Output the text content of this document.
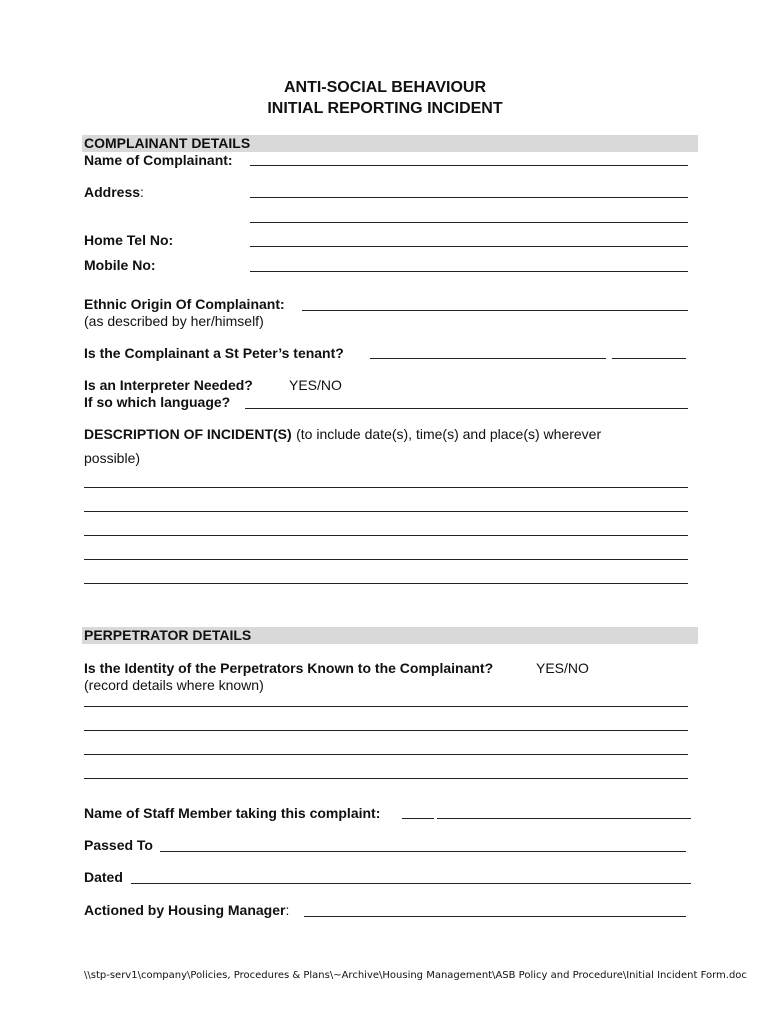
ANTI-SOCIAL BEHAVIOUR
INITIAL REPORTING INCIDENT
COMPLAINANT DETAILS
Name of Complainant:
Address:
Home Tel No:
Mobile No:
Ethnic Origin Of Complainant:
(as described by her/himself)
Is the Complainant a St Peter’s tenant?
Is an Interpreter Needed?	YES/NO
If so which language?
DESCRIPTION OF INCIDENT(S) (to include date(s), time(s) and place(s) wherever
possible)
PERPETRATOR DETAILS
Is the Identity of the Perpetrators Known to the Complainant?	YES/NO
(record details where known)
Name of Staff Member taking this complaint:
Passed To
Dated
Actioned by Housing Manager:
\\stp-serv1\company\Policies, Procedures & Plans\~Archive\Housing Management\ASB Policy and Procedure\Initial Incident Form.doc
